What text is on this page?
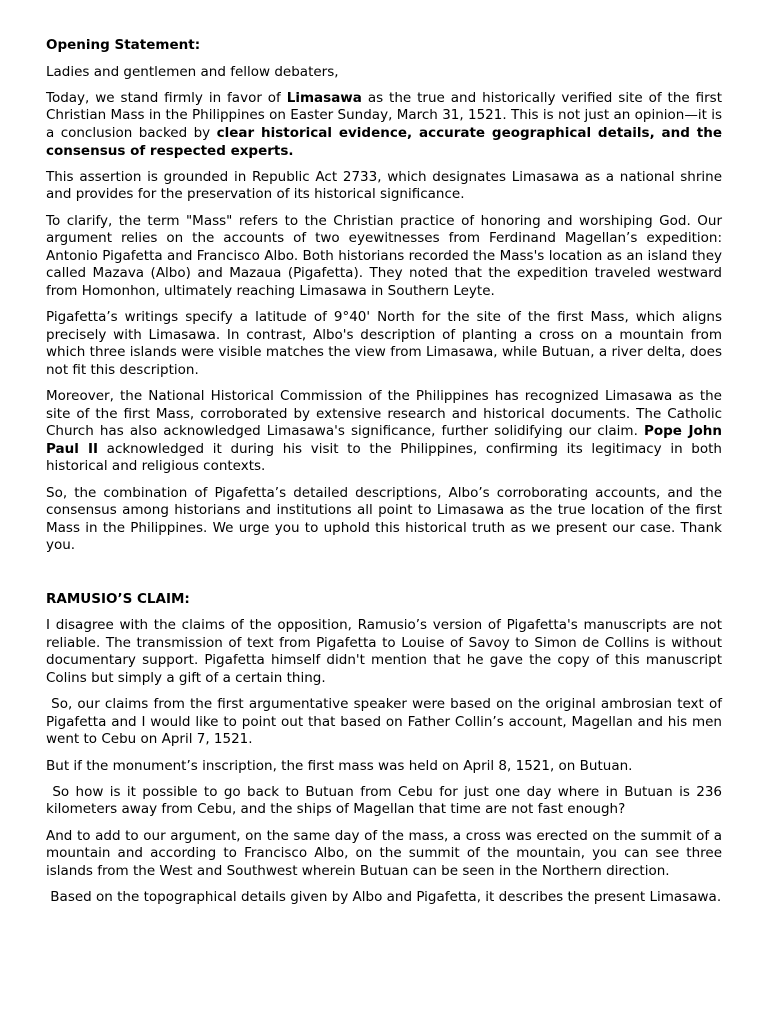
Opening Statement:

Ladies and gentlemen and fellow debaters,

Today, we stand firmly in favor of Limasawa as the true and historically verified site of the first Christian Mass in the Philippines on Easter Sunday, March 31, 1521. This is not just an opinion—it is a conclusion backed by clear historical evidence, accurate geographical details, and the consensus of respected experts.

This assertion is grounded in Republic Act 2733, which designates Limasawa as a national shrine and provides for the preservation of its historical significance.

To clarify, the term "Mass" refers to the Christian practice of honoring and worshiping God. Our argument relies on the accounts of two eyewitnesses from Ferdinand Magellan’s expedition: Antonio Pigafetta and Francisco Albo. Both historians recorded the Mass's location as an island they called Mazava (Albo) and Mazaua (Pigafetta). They noted that the expedition traveled westward from Homonhon, ultimately reaching Limasawa in Southern Leyte.

Pigafetta’s writings specify a latitude of 9°40' North for the site of the first Mass, which aligns precisely with Limasawa. In contrast, Albo's description of planting a cross on a mountain from which three islands were visible matches the view from Limasawa, while Butuan, a river delta, does not fit this description.

Moreover, the National Historical Commission of the Philippines has recognized Limasawa as the site of the first Mass, corroborated by extensive research and historical documents. The Catholic Church has also acknowledged Limasawa's significance, further solidifying our claim. Pope John Paul II acknowledged it during his visit to the Philippines, confirming its legitimacy in both historical and religious contexts.

So, the combination of Pigafetta’s detailed descriptions, Albo’s corroborating accounts, and the consensus among historians and institutions all point to Limasawa as the true location of the first Mass in the Philippines. We urge you to uphold this historical truth as we present our case. Thank you.

RAMUSIO’S CLAIM:

I disagree with the claims of the opposition, Ramusio’s version of Pigafetta's manuscripts are not reliable. The transmission of text from Pigafetta to Louise of Savoy to Simon de Collins is without documentary support. Pigafetta himself didn't mention that he gave the copy of this manuscript Colins but simply a gift of a certain thing.

So, our claims from the first argumentative speaker were based on the original ambrosian text of Pigafetta and I would like to point out that based on Father Collin’s account, Magellan and his men went to Cebu on April 7, 1521.

But if the monument’s inscription, the first mass was held on April 8, 1521, on Butuan.

So how is it possible to go back to Butuan from Cebu for just one day where in Butuan is 236 kilometers away from Cebu, and the ships of Magellan that time are not fast enough?

And to add to our argument, on the same day of the mass, a cross was erected on the summit of a mountain and according to Francisco Albo, on the summit of the mountain, you can see three islands from the West and Southwest wherein Butuan can be seen in the Northern direction.

Based on the topographical details given by Albo and Pigafetta, it describes the present Limasawa.
